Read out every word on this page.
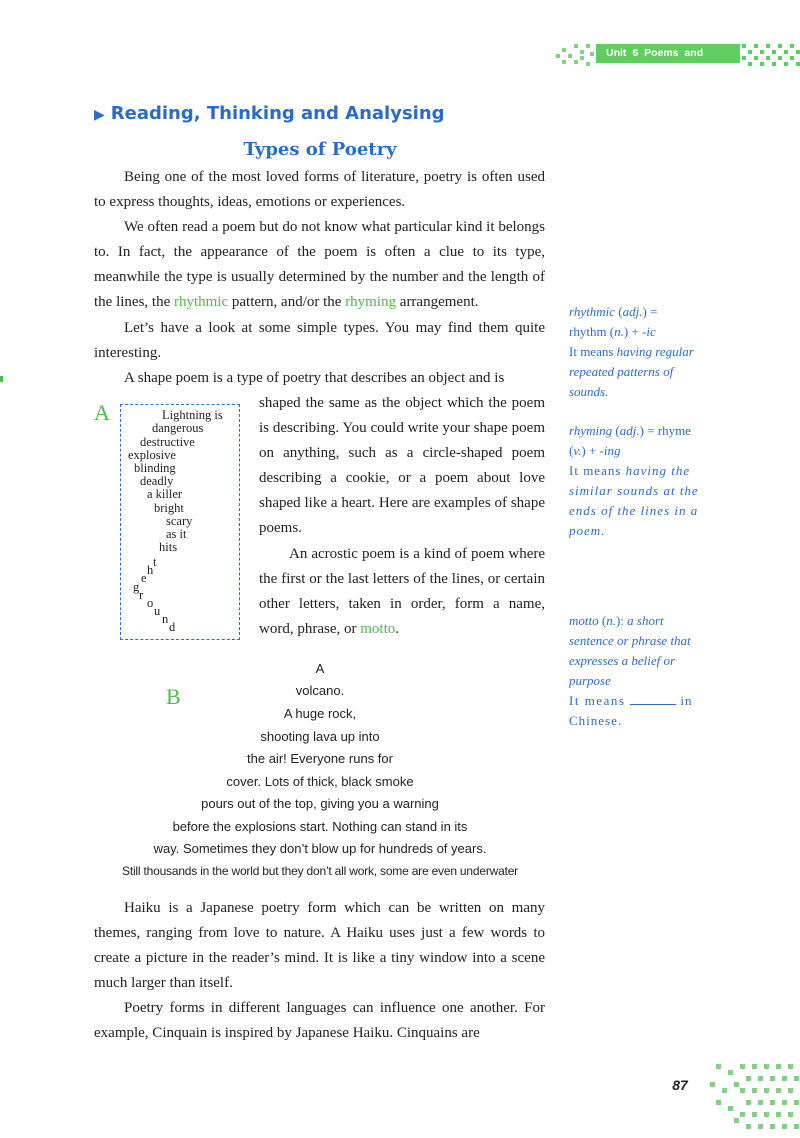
Unit 6 Poems and Stories
▶ Reading, Thinking and Analysing
Types of Poetry

Being one of the most loved forms of literature, poetry is often used to express thoughts, ideas, emotions or experiences.

We often read a poem but do not know what particular kind it belongs to. In fact, the appearance of the poem is often a clue to its type, meanwhile the type is usually determined by the number and the length of the lines, the rhythmic pattern, and/or the rhyming arrangement.

Let’s have a look at some simple types. You may find them quite interesting.

A shape poem is a type of poetry that describes an object and is

shaped the same as the object which the poem is describing. You could write your shape poem on anything, such as a circle-shaped poem describing a cookie, or a poem about love shaped like a heart. Here are examples of shape poems.

An acrostic poem is a kind of poem where the first or the last letters of the lines, or certain other letters, taken in order, form a name, word, phrase, or motto.

A	Lightning is
dangerous
destructive
explosive
blinding
deadly
a killer
bright
scary
as it
hits
t
h
e
g
r
o
u
n
d
B
A
volcano.
A huge rock,
shooting lava up into
the air! Everyone runs for
cover. Lots of thick, black smoke
pours out of the top, giving you a warning
before the explosions start. Nothing can stand in its
way. Sometimes they don’t blow up for hundreds of years.
Still thousands in the world but they don’t all work, some are even underwater

Haiku is a Japanese poetry form which can be written on many themes, ranging from love to nature. A Haiku uses just a few words to create a picture in the reader’s mind. It is like a tiny window into a scene much larger than itself.

Poetry forms in different languages can influence one another. For example, Cinquain is inspired by Japanese Haiku. Cinquains are

rhythmic (adj.) =
rhythm (n.) + -ic

It means having regular repeated patterns of sounds.
rhyming (adj.) = rhyme
(v.) + -ing

It means having the similar sounds at the ends of the lines in a poem.
motto (n.): a short sentence or phrase that expresses a belief or purpose
It means	in Chinese.
87
